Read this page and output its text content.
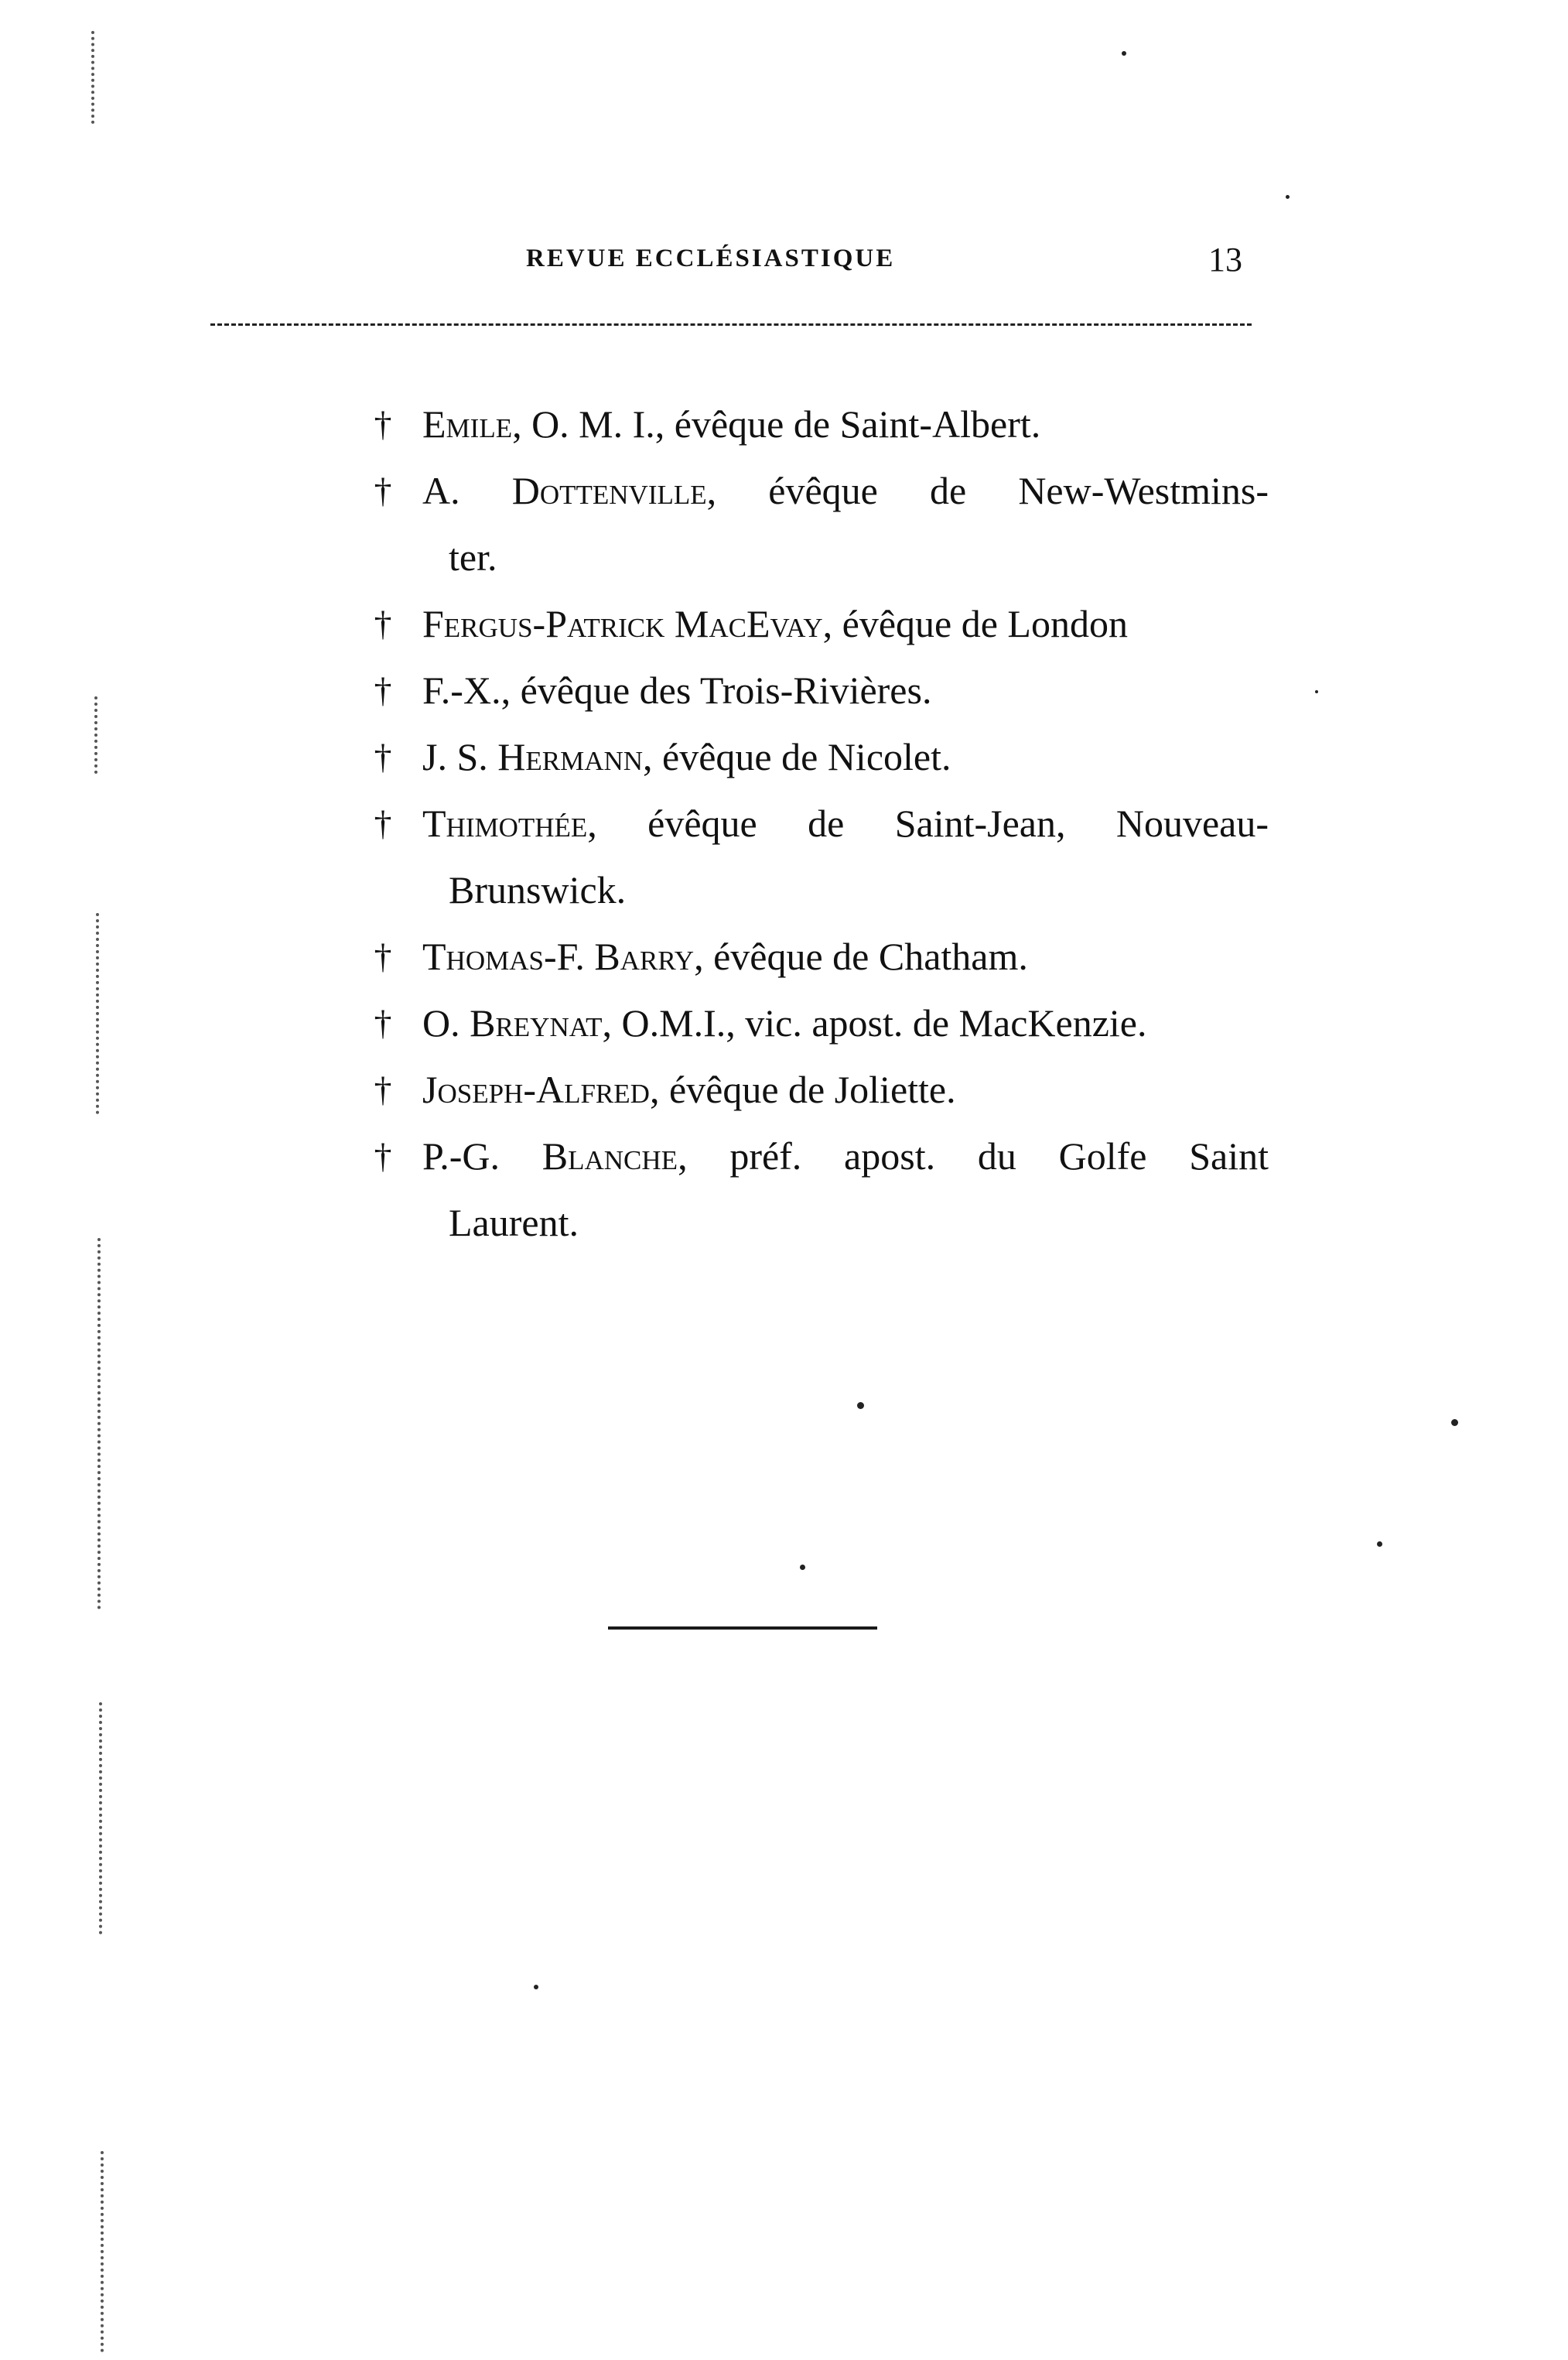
REVUE ECCLÉSIASTIQUE	13
† Emile, O. M. I., évêque de Saint-Albert.
† A. Dottenville, évêque de New-Westmins-
ter.
† Fergus-Patrick MacEvay, évêque de London
† F.-X., évêque des Trois-Rivières.
† J. S. Hermann, évêque de Nicolet.
† Thimothée, évêque de Saint-Jean, Nouveau-
Brunswick.
† Thomas-F. Barry, évêque de Chatham.
† O. Breynat, O.M.I., vic. apost. de MacKenzie.
† Joseph-Alfred, évêque de Joliette.
† P.-G. Blanche, préf. apost. du Golfe Saint
Laurent.
